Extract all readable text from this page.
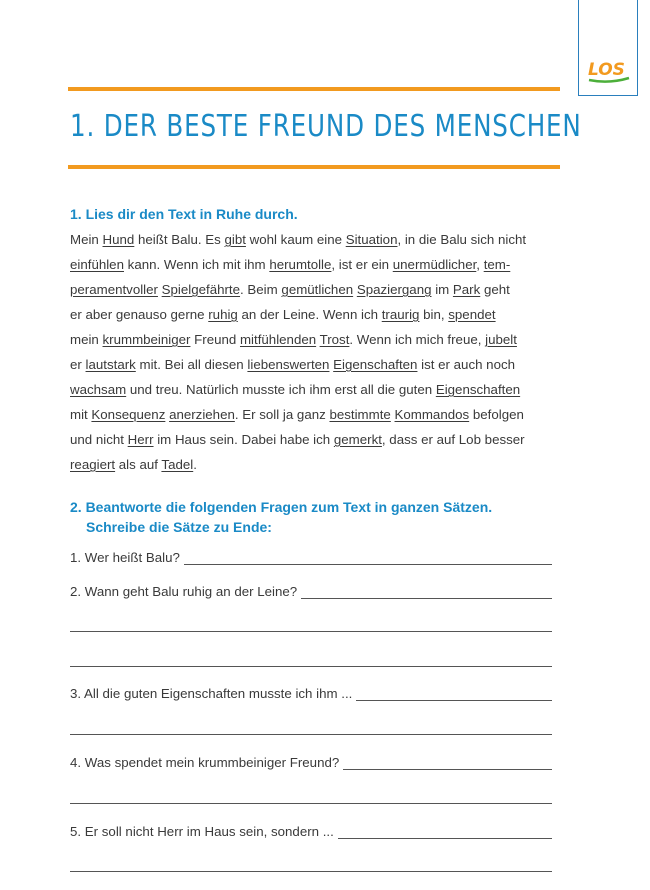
LOS
1. DER BESTE FREUND DES MENSCHEN
1. Lies dir den Text in Ruhe durch.
Mein Hund heißt Balu. Es gibt wohl kaum eine Situation, in die Balu sich nicht
einfühlen kann. Wenn ich mit ihm herumtolle, ist er ein unermüdlicher, tem-
peramentvoller Spielgefährte. Beim gemütlichen Spaziergang im Park geht
er aber genauso gerne ruhig an der Leine. Wenn ich traurig bin, spendet
mein krummbeiniger Freund mitfühlenden Trost. Wenn ich mich freue, jubelt
er lautstark mit. Bei all diesen liebenswerten Eigenschaften ist er auch noch
wachsam und treu. Natürlich musste ich ihm erst all die guten Eigenschaften
mit Konsequenz anerziehen. Er soll ja ganz bestimmte Kommandos befolgen
und nicht Herr im Haus sein. Dabei habe ich gemerkt, dass er auf Lob besser
reagiert als auf Tadel.
2. Beantworte die folgenden Fragen zum Text in ganzen Sätzen.
Schreibe die Sätze zu Ende:
1. Wer heißt Balu?
2. Wann geht Balu ruhig an der Leine?
3. All die guten Eigenschaften musste ich ihm ...
4. Was spendet mein krummbeiniger Freund?
5. Er soll nicht Herr im Haus sein, sondern ...
